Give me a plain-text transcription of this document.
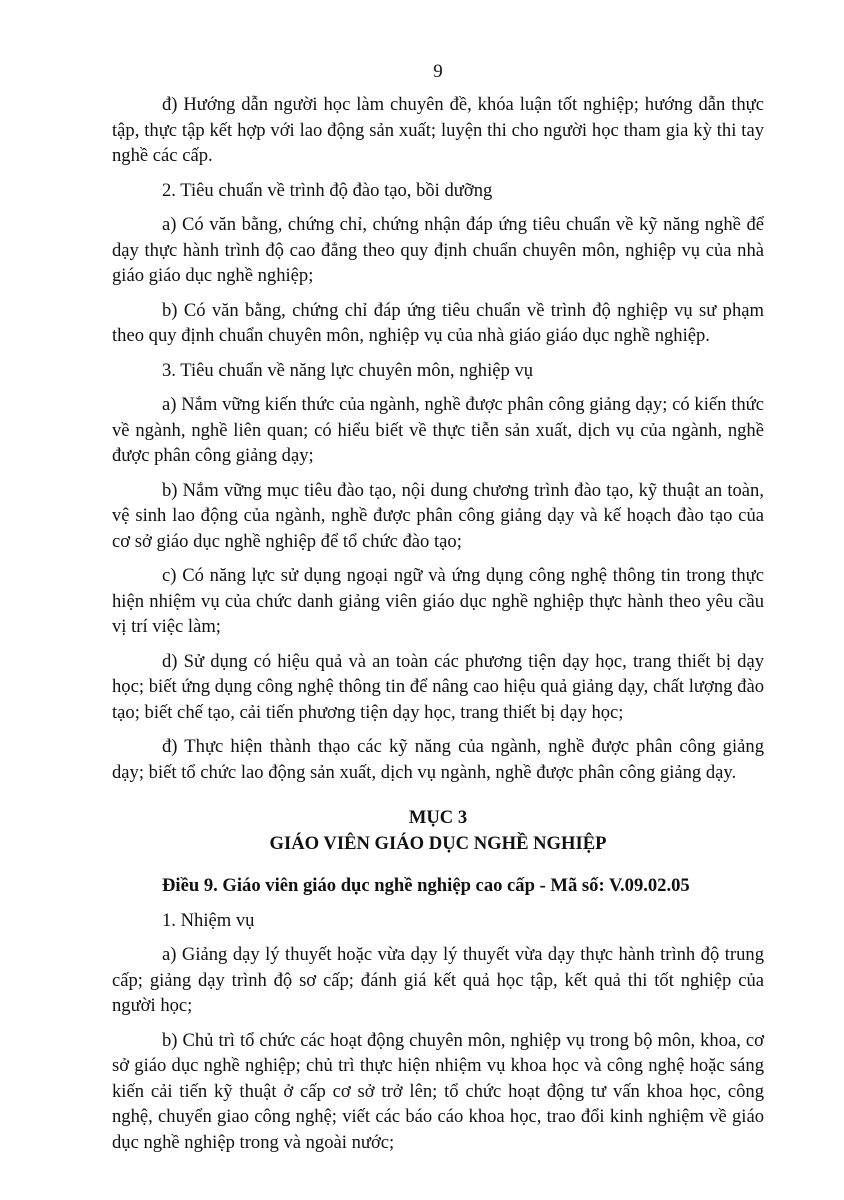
9

đ) Hướng dẫn người học làm chuyên đề, khóa luận tốt nghiệp; hướng dẫn thực tập, thực tập kết hợp với lao động sản xuất; luyện thi cho người học tham gia kỳ thi tay nghề các cấp.

2. Tiêu chuẩn về trình độ đào tạo, bồi dưỡng

a) Có văn bằng, chứng chỉ, chứng nhận đáp ứng tiêu chuẩn về kỹ năng nghề để dạy thực hành trình độ cao đẳng theo quy định chuẩn chuyên môn, nghiệp vụ của nhà giáo giáo dục nghề nghiệp;

b) Có văn bằng, chứng chỉ đáp ứng tiêu chuẩn về trình độ nghiệp vụ sư phạm theo quy định chuẩn chuyên môn, nghiệp vụ của nhà giáo giáo dục nghề nghiệp.

3. Tiêu chuẩn về năng lực chuyên môn, nghiệp vụ

a) Nắm vững kiến thức của ngành, nghề được phân công giảng dạy; có kiến thức về ngành, nghề liên quan; có hiểu biết về thực tiễn sản xuất, dịch vụ của ngành, nghề được phân công giảng dạy;

b) Nắm vững mục tiêu đào tạo, nội dung chương trình đào tạo, kỹ thuật an toàn, vệ sinh lao động của ngành, nghề được phân công giảng dạy và kế hoạch đào tạo của cơ sở giáo dục nghề nghiệp để tổ chức đào tạo;

c) Có năng lực sử dụng ngoại ngữ và ứng dụng công nghệ thông tin trong thực hiện nhiệm vụ của chức danh giảng viên giáo dục nghề nghiệp thực hành theo yêu cầu vị trí việc làm;

d) Sử dụng có hiệu quả và an toàn các phương tiện dạy học, trang thiết bị dạy học; biết ứng dụng công nghệ thông tin để nâng cao hiệu quả giảng dạy, chất lượng đào tạo; biết chế tạo, cải tiến phương tiện dạy học, trang thiết bị dạy học;

đ) Thực hiện thành thạo các kỹ năng của ngành, nghề được phân công giảng dạy; biết tổ chức lao động sản xuất, dịch vụ ngành, nghề được phân công giảng dạy.

MỤC 3
GIÁO VIÊN GIÁO DỤC NGHỀ NGHIỆP

Điều 9. Giáo viên giáo dục nghề nghiệp cao cấp - Mã số: V.09.02.05

1. Nhiệm vụ

a) Giảng dạy lý thuyết hoặc vừa dạy lý thuyết vừa dạy thực hành trình độ trung cấp; giảng dạy trình độ sơ cấp; đánh giá kết quả học tập, kết quả thi tốt nghiệp của người học;

b) Chủ trì tổ chức các hoạt động chuyên môn, nghiệp vụ trong bộ môn, khoa, cơ sở giáo dục nghề nghiệp; chủ trì thực hiện nhiệm vụ khoa học và công nghệ hoặc sáng kiến cải tiến kỹ thuật ở cấp cơ sở trở lên; tổ chức hoạt động tư vấn khoa học, công nghệ, chuyển giao công nghệ; viết các báo cáo khoa học, trao đổi kinh nghiệm về giáo dục nghề nghiệp trong và ngoài nước;
